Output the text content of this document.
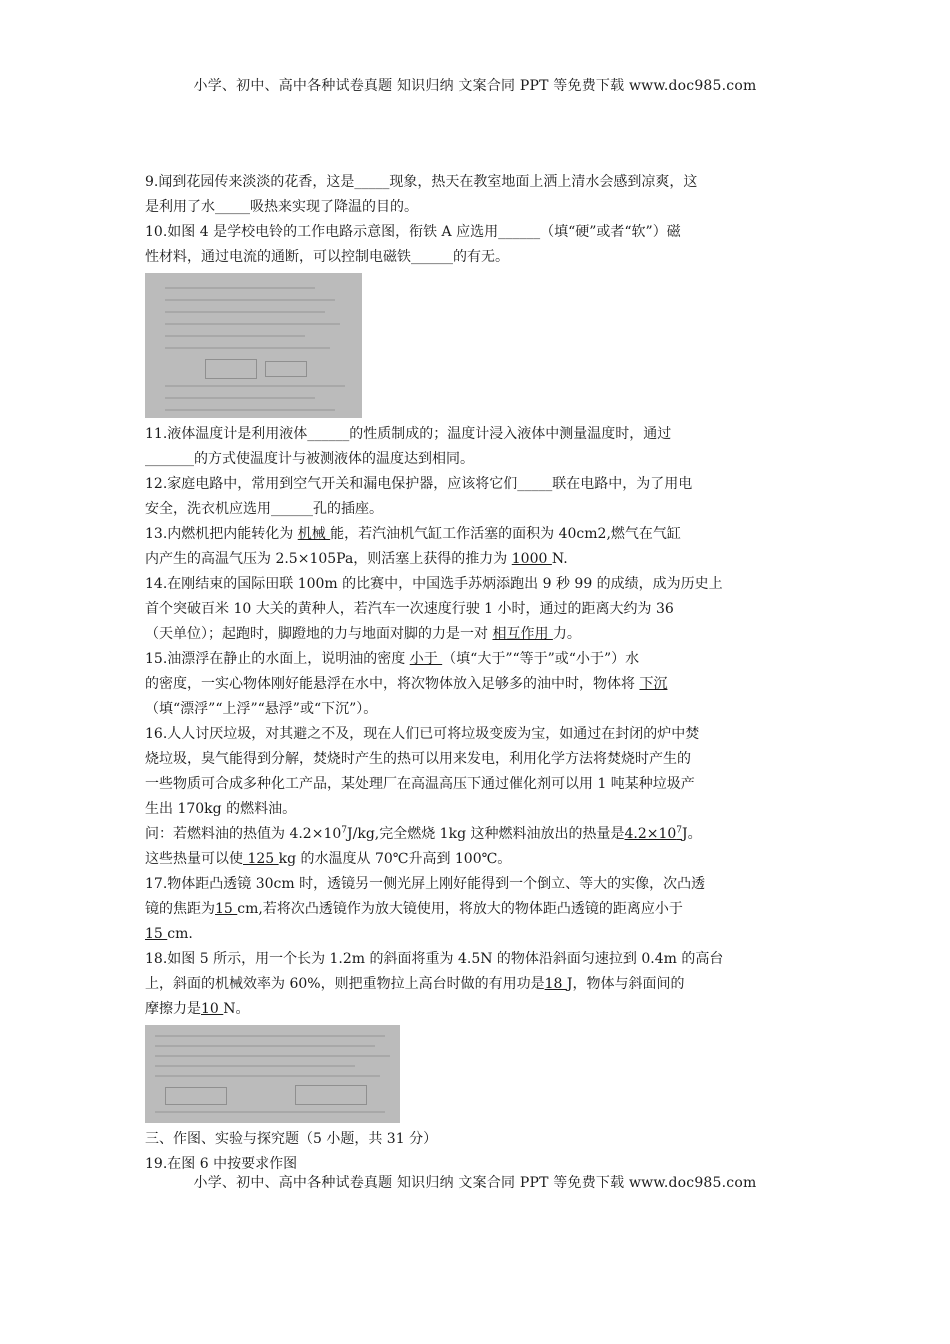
小学、初中、高中各种试卷真题 知识归纳 文案合同 PPT 等免费下载 www.doc985.com

9.闻到花园传来淡淡的花香，这是_____现象，热天在教室地面上洒上清水会感到凉爽，这

是利用了水_____吸热来实现了降温的目的。

10.如图 4 是学校电铃的工作电路示意图，衔铁 A 应选用______（填“硬”或者“软”）磁

性材料，通过电流的通断，可以控制电磁铁______的有无。

11.液体温度计是利用液体______的性质制成的；温度计浸入液体中测量温度时，通过

_______的方式使温度计与被测液体的温度达到相同。

12.家庭电路中，常用到空气开关和漏电保护器，应该将它们_____联在电路中，为了用电

安全，洗衣机应选用______孔的插座。

13.内燃机把内能转化为 机械 能，若汽油机气缸工作活塞的面积为 40cm2,燃气在气缸

内产生的高温气压为 2.5×105Pa，则活塞上获得的推力为 1000 N.

14.在刚结束的国际田联 100m 的比赛中，中国选手苏炳添跑出 9 秒 99 的成绩，成为历史上

首个突破百米 10 大关的黄种人，若汽车一次速度行驶 1 小时，通过的距离大约为 36

（天单位）；起跑时，脚蹬地的力与地面对脚的力是一对 相互作用 力。

15.油漂浮在静止的水面上，说明油的密度 小于 （填“大于”“等于”或“小于”）水

的密度，一实心物体刚好能悬浮在水中，将次物体放入足够多的油中时，物体将 下沉

（填“漂浮”“上浮”“悬浮”或“下沉”）。

16.人人讨厌垃圾，对其避之不及，现在人们已可将垃圾变废为宝，如通过在封闭的炉中焚

烧垃圾，臭气能得到分解，焚烧时产生的热可以用来发电，利用化学方法将焚烧时产生的

一些物质可合成多种化工产品，某处理厂在高温高压下通过催化剂可以用 1 吨某种垃圾产

生出 170kg 的燃料油。

问：若燃料油的热值为 $4.2\times 10^7J/kg$,完全燃烧 1kg 这种燃料油放出的热量是$4.2\times 10^7J$。

这些热量可以使 125 kg 的水温度从 70℃升高到 100℃。

17.物体距凸透镜 30cm 时，透镜另一侧光屏上刚好能得到一个倒立、等大的实像，次凸透

镜的焦距为15 cm,若将次凸透镜作为放大镜使用，将放大的物体距凸透镜的距离应小于

15 cm.

18.如图 5 所示，用一个长为 1.2m 的斜面将重为 4.5N 的物体沿斜面匀速拉到 0.4m 的高台

上，斜面的机械效率为 60%，则把重物拉上高台时做的有用功是18 J，物体与斜面间的

摩擦力是10 N。

三、作图、实验与探究题（5 小题，共 31 分）

19.在图 6 中按要求作图

小学、初中、高中各种试卷真题 知识归纳 文案合同 PPT 等免费下载 www.doc985.com
